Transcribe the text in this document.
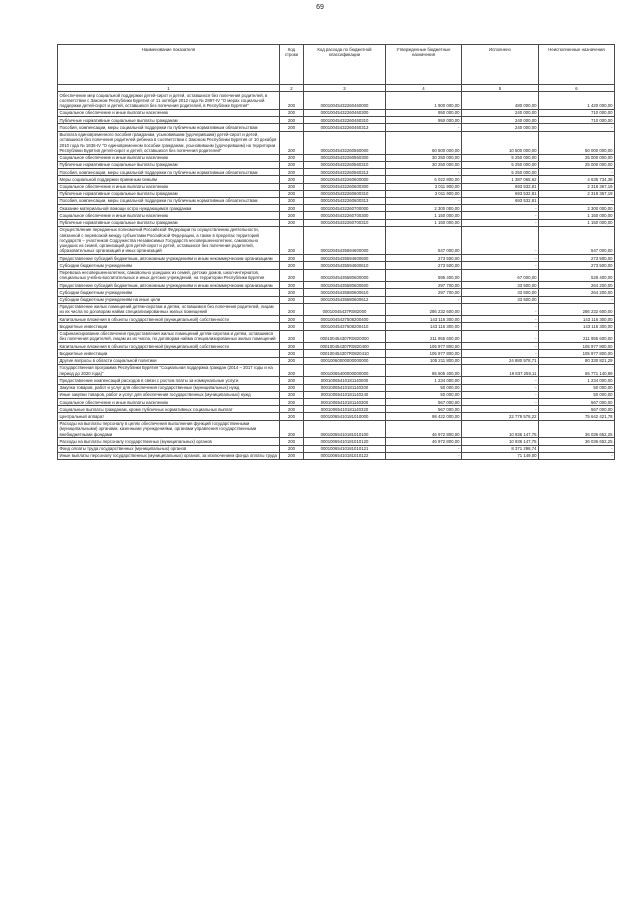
69
Наименование показателя	Код строки	Код расхода по бюджетной классификации	Утвержденные бюджетные назначения	Исполнено	Неисполненные назначения
1	2	3	4	5	6
Обеспечение мер социальной поддержки детей-сирот и детей, оставшихся без попечения родителей, в соответствии с Законом Республики Бурятия от 11 октября 2012 года № 2897-IV "О мерах социальной поддержки детей-сирот и детей, оставшихся без попечения родителей, в Республике Бурятия"	200	00010045432260460000	1 900 000,00	480 000,00	1 420 000,00
Социальное обеспечение и иные выплаты населению	200	00010045432260460300	950 000,00	240 000,00	710 000,00
Публичные нормативные социальные выплаты гражданам	200	00010045432260460310	950 000,00	240 000,00	710 000,00
Пособия, компенсации, меры социальной поддержки по публичным нормативным обязательствам	200	00010045432260460313	-	240 000,00	-
Выплата единовременного пособия гражданам, усыновившим (удочерившим) детей-сирот и детей, оставшихся без попечения родителей ребенка в соответствии с Законом Республики Бурятия от 10 декабря 2010 года № 1836-IV "О единовременном пособии гражданам, усыновившим (удочерившим) на территории Республики Бурятия детей-сирот и детей, оставшихся без попечения родителей"	200	00010045432260560000	60 500 000,00	10 500 000,00	50 000 000,00
Социальное обеспечение и иные выплаты населению	200	00010045432260560300	30 250 000,00	5 250 000,00	25 000 000,00
Публичные нормативные социальные выплаты гражданам	200	00010045432260560310	30 250 000,00	5 250 000,00	25 000 000,00
Пособия, компенсации, меры социальной поддержки по публичным нормативным обязательствам	200	00010045432260560313	-	5 250 000,00	-
Меры социальной поддержки приемным семьям	200	00010045432260600000	6 022 800,00	1 387 065,62	4 635 734,38
Социальное обеспечение и иные выплаты населению	200	00010045432260600300	3 011 900,00	693 532,81	2 318 367,19
Публичные нормативные социальные выплаты гражданам	200	00010045432260600310	3 011 900,00	693 532,81	2 318 367,19
Пособия, компенсации, меры социальной поддержки по публичным нормативным обязательствам	200	00010045432260600313	-	693 532,81	-
Оказание материальной помощи остро нуждающимся гражданам	200	00010045432260700000	2 300 000,00	-	2 300 000,00
Социальное обеспечение и иные выплаты населению	200	00010045432260700300	1 150 000,00	-	1 150 000,00
Публичные нормативные социальные выплаты гражданам	200	00010045432260700310	1 150 000,00	-	1 150 000,00
Осуществление переданных полномочий Российской Федерации по осуществлению деятельности, связанной с перевозкой между субъектами Российской Федерации, а также в пределах территорий государств – участников Содружества Независимых Государств несовершеннолетних, самовольно ушедших из семей, организаций для детей-сирот и детей, оставшихся без попечения родителей, образовательных организаций и иных организаций	200	00010045435594600000	547 000,00	-	547 000,00
Предоставление субсидий бюджетным, автономным учреждениям и иным некоммерческим организациям	200	00010045435594600600	273 500,00	-	273 500,00
Субсидии бюджетным учреждениям	200	00010045435594600610	273 500,00	-	273 500,00
Перевозка несовершеннолетних, самовольно ушедших из семей, детских домов, школ-интернатов, специальных учебно-воспитательных и иных детских учреждений, на территории Республики Бурятия	200	00010045435580600000	595 400,00	67 000,00	528 400,00
Предоставление субсидий бюджетным, автономным учреждениям и иным некоммерческим организациям	200	00010045435580600600	297 700,00	33 500,00	264 200,00
Субсидии бюджетным учреждениям	200	00010045435580600610	297 700,00	33 500,00	264 200,00
Субсидии бюджетным учреждениям на иные цели	200	00010045435580600612	-	33 500,00	-
Предоставление жилых помещений детям-сиротам и детям, оставшимся без попечения родителей, лицам из их числа по договорам найма специализированных жилых помещений	200	00010045437R082000	286 232 600,00	-	286 232 600,00
Капитальные вложения в объекты государственной (муниципальной) собственности	200	00010045437508200400	143 116 300,00	-	143 116 300,00
Бюджетные инвестиции	200	00010045437508200410	143 116 300,00	-	143 116 300,00
Софинансирование обеспечения предоставления жилых помещений детям-сиротам и детям, оставшимся без попечения родителей, лицам из их числа, по договорам найма специализированных жилых помещений	200	000100454307R0820000	211 955 600,00	-	211 955 600,00
Капитальные вложения в объекты государственной (муниципальной) собственности	200	000100454307R0820400	105 977 800,00	-	105 977 800,00
Бюджетные инвестиции	200	000100454307R0820410	105 977 800,00	-	105 977 800,00
Другие вопросы в области социальной политики	200	00010060000000000000	105 211 800,00	24 880 978,71	80 330 821,29
Государственная программа Республики Бурятия "Социальная поддержка граждан (2014 – 2017 годы и на период до 2020 года)"	200	00010065400000000000	85 605 400,00	19 837 259,11	65 771 140,89
Предоставление компенсаций расходов в связи с ростом платы за коммунальные услуги	200	00010065410181140000	1 234 000,00	-	1 234 000,00
Закупка товаров, работ и услуг для обеспечения государственных (муниципальных) нужд	200	00010065410181140200	50 000,00	-	50 000,00
Иные закупки товаров, работ и услуг для обеспечения государственных (муниципальных) нужд	200	00010065410181140240	50 000,00	-	50 000,00
Социальное обеспечение и иные выплаты населению	200	00010065410181140300	567 000,00	-	567 000,00
Социальные выплаты гражданам, кроме публичных нормативных социальных выплат	200	00010065410181140320	567 000,00	-	567 000,00
Центральный аппарат	200	00010065410181010000	98 422 000,00	22 779 578,22	75 642 421,78
Расходы на выплаты персоналу в целях обеспечения выполнения функций государственными (муниципальными) органами, казенными учреждениями, органами управления государственными внебюджетными фондами	200	00010065410181010100	46 972 800,00	10 936 147,75	36 036 652,25
Расходы на выплаты персоналу государственных (муниципальных) органов	200	00010065410181010120	46 972 800,00	10 936 147,75	36 036 652,25
Фонд оплаты труда государственных (муниципальных) органов	200	00010065410181010121	-	8 371 298,74	-
Иные выплаты персоналу государственных (муниципальных) органов, за исключением фонда оплаты труда	200	00010065410181010122	-	71 149,00	-
